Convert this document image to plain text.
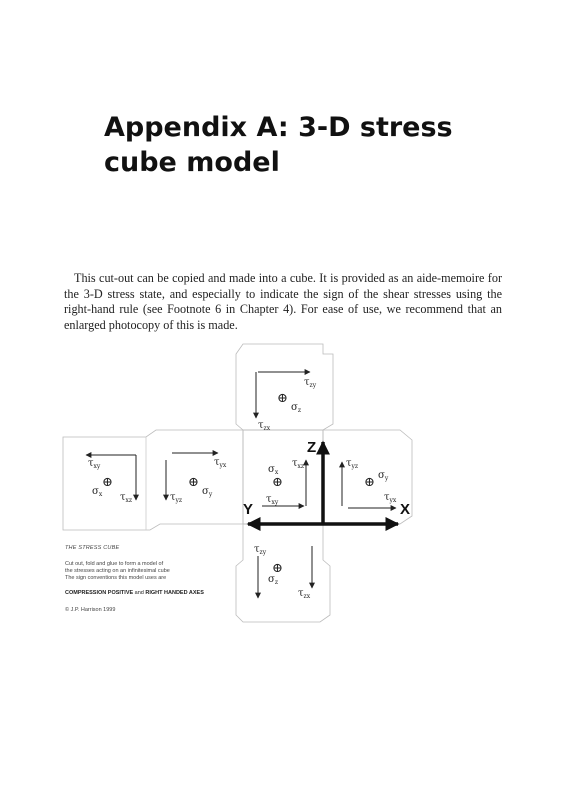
Appendix A: 3-D stress
cube model
This cut-out can be copied and made into a cube. It is provided as an aide-memoire for the 3-D stress state, and especially to indicate the sign of the shear stresses using the right-hand rule (see Footnote 6 in Chapter 4). For ease of use, we recommend that an enlarged photocopy of this is made.
$\tau_{zy}$
$\tau_{zx}$
⊕
$\sigma_z$
$\tau_{xy}$
⊕
$\sigma_x$ $\tau_{xz}$
$\tau_{yx}$
⊕
$\sigma_y$
$\tau_{yz}$
$\sigma_x$
$\tau_{xz}$
⊕
$\tau_{xy}$
$\tau_{yz}$
⊕ $\sigma_y$
$\tau_{yx}$
$\tau_{zy}$
⊕
$\sigma_z$
$\tau_{zx}$
Z
X
Y
THE STRESS CUBE
Cut out, fold and glue to form a model of
the stresses acting on an infinitesimal cube
The sign conventions this model uses are
COMPRESSION POSITIVE and RIGHT HANDED AXES
© J.P. Harrison 1999
